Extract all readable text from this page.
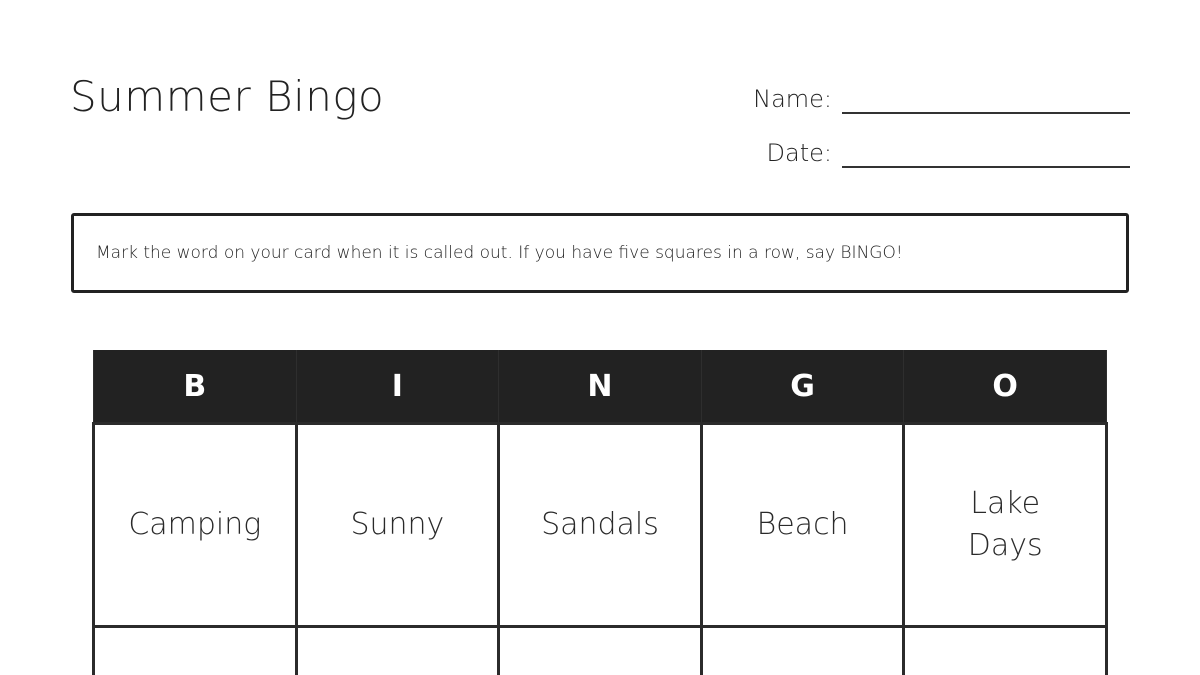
Summer Bingo	Name:
Date:
Mark the word on your card when it is called out. If you have five squares in a row, say BINGO!
B	I	N	G	O
Camping	Sunny	Sandals	Beach	Lake Days
